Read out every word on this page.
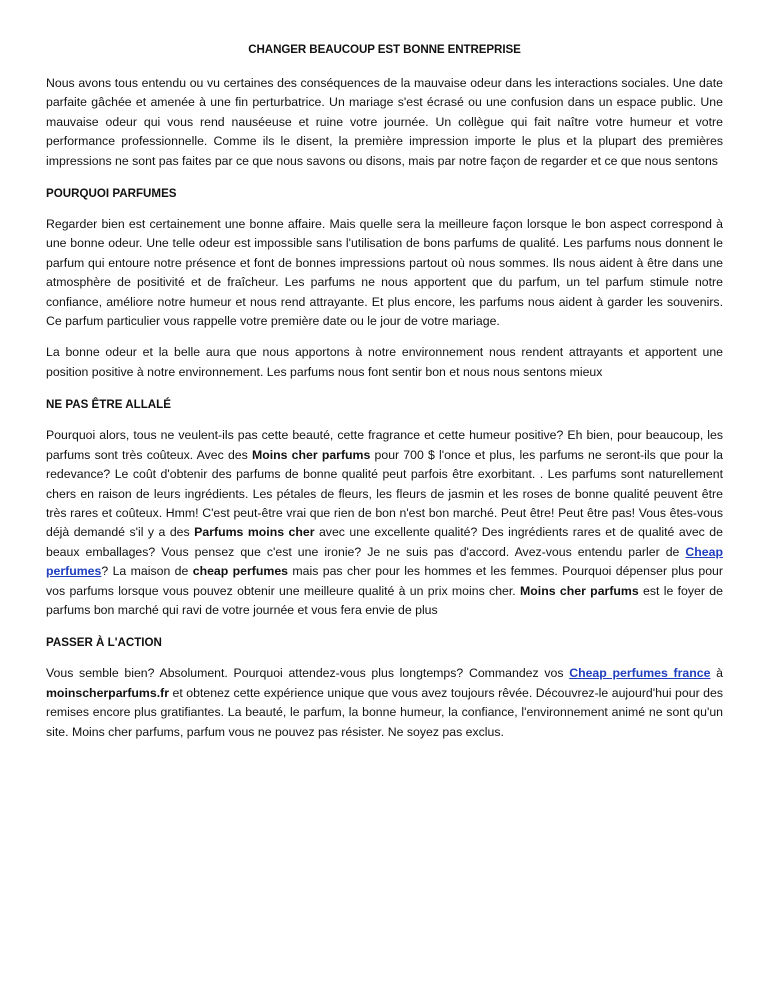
CHANGER BEAUCOUP EST BONNE ENTREPRISE

Nous avons tous entendu ou vu certaines des conséquences de la mauvaise odeur dans les interactions sociales. Une date parfaite gâchée et amenée à une fin perturbatrice. Un mariage s'est écrasé ou une confusion dans un espace public. Une mauvaise odeur qui vous rend nauséeuse et ruine votre journée. Un collègue qui fait naître votre humeur et votre performance professionnelle. Comme ils le disent, la première impression importe le plus et la plupart des premières impressions ne sont pas faites par ce que nous savons ou disons, mais par notre façon de regarder et ce que nous sentons

POURQUOI PARFUMES

Regarder bien est certainement une bonne affaire. Mais quelle sera la meilleure façon lorsque le bon aspect correspond à une bonne odeur. Une telle odeur est impossible sans l'utilisation de bons parfums de qualité. Les parfums nous donnent le parfum qui entoure notre présence et font de bonnes impressions partout où nous sommes. Ils nous aident à être dans une atmosphère de positivité et de fraîcheur. Les parfums ne nous apportent que du parfum, un tel parfum stimule notre confiance, améliore notre humeur et nous rend attrayante. Et plus encore, les parfums nous aident à garder les souvenirs. Ce parfum particulier vous rappelle votre première date ou le jour de votre mariage.

La bonne odeur et la belle aura que nous apportons à notre environnement nous rendent attrayants et apportent une position positive à notre environnement. Les parfums nous font sentir bon et nous nous sentons mieux

NE PAS ÊTRE ALLALÉ

Pourquoi alors, tous ne veulent-ils pas cette beauté, cette fragrance et cette humeur positive? Eh bien, pour beaucoup, les parfums sont très coûteux. Avec des Moins cher parfums pour 700 $ l'once et plus, les parfums ne seront-ils que pour la redevance? Le coût d'obtenir des parfums de bonne qualité peut parfois être exorbitant. . Les parfums sont naturellement chers en raison de leurs ingrédients. Les pétales de fleurs, les fleurs de jasmin et les roses de bonne qualité peuvent être très rares et coûteux. Hmm! C'est peut-être vrai que rien de bon n'est bon marché. Peut être! Peut être pas! Vous êtes-vous déjà demandé s'il y a des Parfums moins cher avec une excellente qualité? Des ingrédients rares et de qualité avec de beaux emballages? Vous pensez que c'est une ironie? Je ne suis pas d'accord. Avez-vous entendu parler de Cheap perfumes? La maison de cheap perfumes mais pas cher pour les hommes et les femmes. Pourquoi dépenser plus pour vos parfums lorsque vous pouvez obtenir une meilleure qualité à un prix moins cher. Moins cher parfums est le foyer de parfums bon marché qui ravi de votre journée et vous fera envie de plus

PASSER À L'ACTION

Vous semble bien? Absolument. Pourquoi attendez-vous plus longtemps? Commandez vos Cheap perfumes france à moinscherparfums.fr et obtenez cette expérience unique que vous avez toujours rêvée. Découvrez-le aujourd'hui pour des remises encore plus gratifiantes. La beauté, le parfum, la bonne humeur, la confiance, l'environnement animé ne sont qu'un site. Moins cher parfums, parfum vous ne pouvez pas résister. Ne soyez pas exclus.
